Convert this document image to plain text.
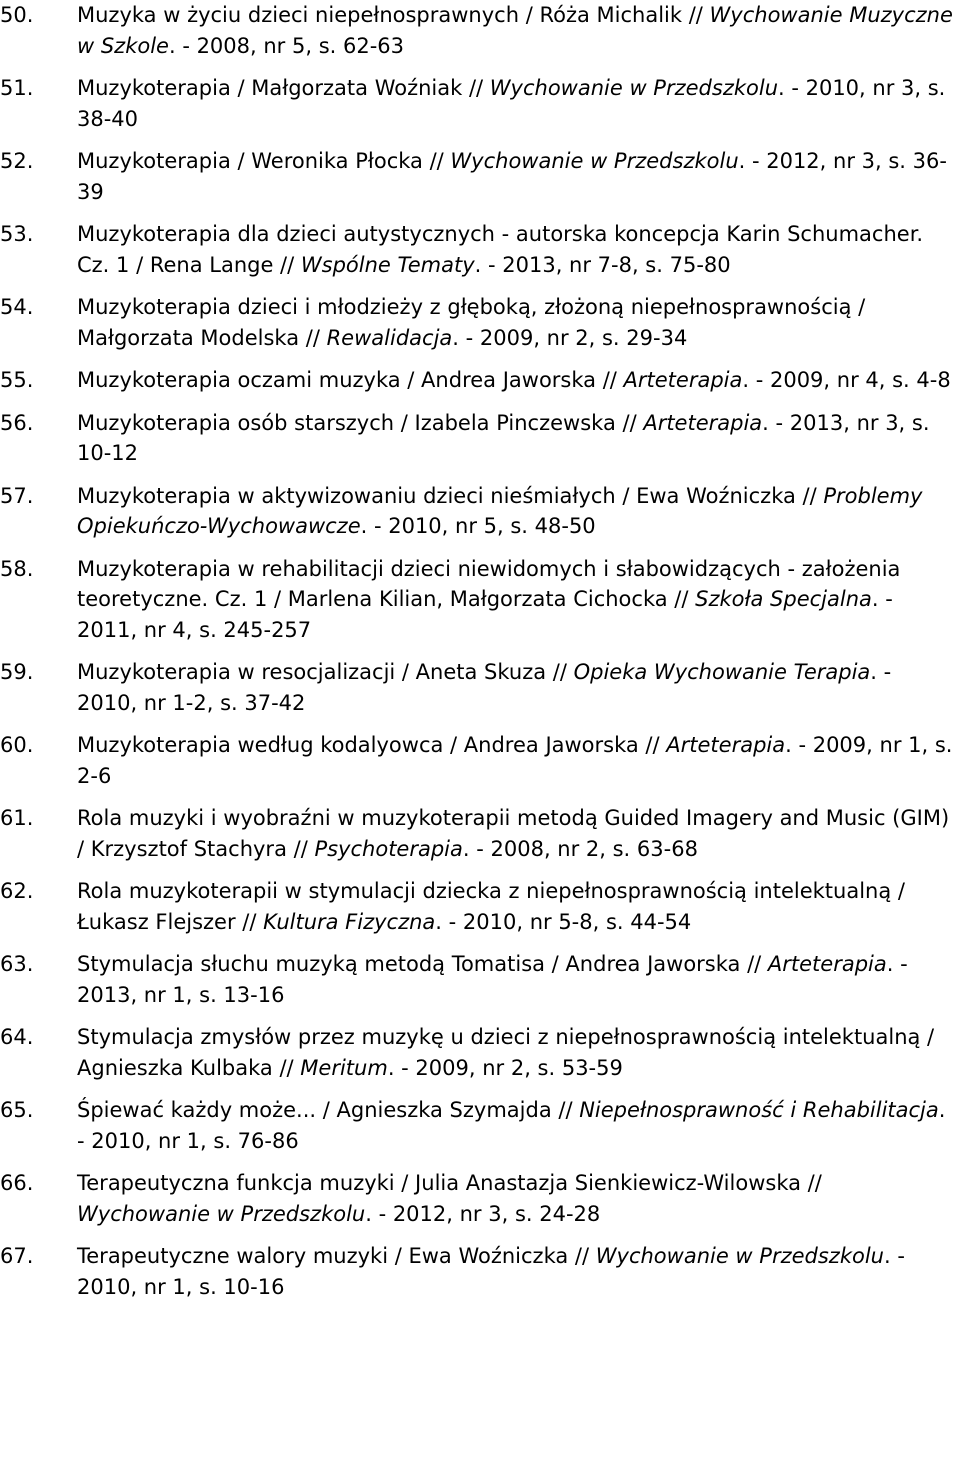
50.	Muzyka w życiu dzieci niepełnosprawnych / Róża Michalik // Wychowanie Muzyczne w Szkole. - 2008, nr 5, s. 62-63
51.	Muzykoterapia / Małgorzata Woźniak // Wychowanie w Przedszkolu. - 2010, nr 3, s. 38-40
52.	Muzykoterapia / Weronika Płocka // Wychowanie w Przedszkolu. - 2012, nr 3, s. 36-39
53.	Muzykoterapia dla dzieci autystycznych - autorska koncepcja Karin Schumacher. Cz. 1 / Rena Lange // Wspólne Tematy. - 2013, nr 7-8, s. 75-80
54.	Muzykoterapia dzieci i młodzieży z głęboką, złożoną niepełnosprawnością / Małgorzata Modelska // Rewalidacja. - 2009, nr 2, s. 29-34
55.	Muzykoterapia oczami muzyka / Andrea Jaworska // Arteterapia. - 2009, nr 4, s. 4-8
56.	Muzykoterapia osób starszych / Izabela Pinczewska // Arteterapia. - 2013, nr 3, s. 10-12
57.	Muzykoterapia w aktywizowaniu dzieci nieśmiałych / Ewa Woźniczka // Problemy Opiekuńczo-Wychowawcze. - 2010, nr 5, s. 48-50
58.	Muzykoterapia w rehabilitacji dzieci niewidomych i słabowidzących - założenia teoretyczne. Cz. 1 / Marlena Kilian, Małgorzata Cichocka // Szkoła Specjalna. - 2011, nr 4, s. 245-257
59.	Muzykoterapia w resocjalizacji / Aneta Skuza // Opieka Wychowanie Terapia. - 2010, nr 1-2, s. 37-42
60.	Muzykoterapia według kodalyowca / Andrea Jaworska // Arteterapia. - 2009, nr 1, s. 2-6
61.	Rola muzyki i wyobraźni w muzykoterapii metodą Guided Imagery and Music (GIM) / Krzysztof Stachyra // Psychoterapia. - 2008, nr 2, s. 63-68
62.	Rola muzykoterapii w stymulacji dziecka z niepełnosprawnością intelektualną / Łukasz Flejszer // Kultura Fizyczna. - 2010, nr 5-8, s. 44-54
63.	Stymulacja słuchu muzyką metodą Tomatisa / Andrea Jaworska // Arteterapia. - 2013, nr 1, s. 13-16
64.	Stymulacja zmysłów przez muzykę u dzieci z niepełnosprawnością intelektualną / Agnieszka Kulbaka // Meritum. - 2009, nr 2, s. 53-59
65.	Śpiewać każdy może... / Agnieszka Szymajda // Niepełnosprawność i Rehabilitacja. - 2010, nr 1, s. 76-86
66.	Terapeutyczna funkcja muzyki / Julia Anastazja Sienkiewicz-Wilowska // Wychowanie w Przedszkolu. - 2012, nr 3, s. 24-28
67.	Terapeutyczne walory muzyki / Ewa Woźniczka // Wychowanie w Przedszkolu. - 2010, nr 1, s. 10-16
